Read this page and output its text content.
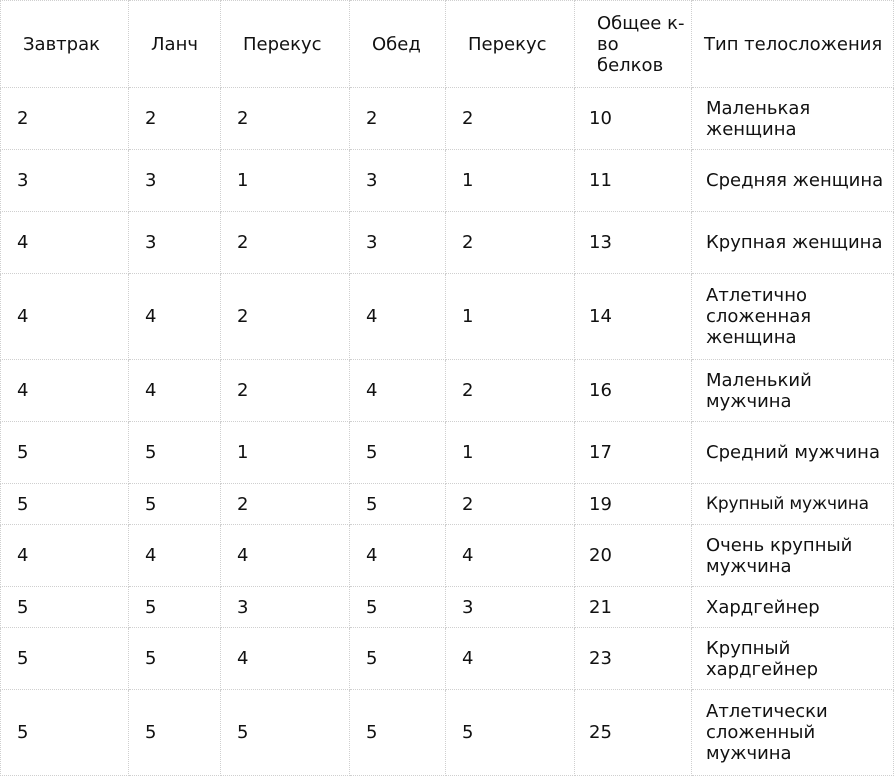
Завтрак	Ланч	Перекус	Обед	Перекус	Общее к-во белков	Тип телосложения
2	2	2	2	2	10	Маленькая женщина
3	3	1	3	1	11	Средняя женщина
4	3	2	3	2	13	Крупная женщина
4	4	2	4	1	14	Атлетично сложенная женщина
4	4	2	4	2	16	Маленький мужчина
5	5	1	5	1	17	Средний мужчина
5	5	2	5	2	19	Крупный мужчина
4	4	4	4	4	20	Очень крупный мужчина
5	5	3	5	3	21	Хардгейнер
5	5	4	5	4	23	Крупный хардгейнер
5	5	5	5	5	25	Атлетически сложенный мужчина
